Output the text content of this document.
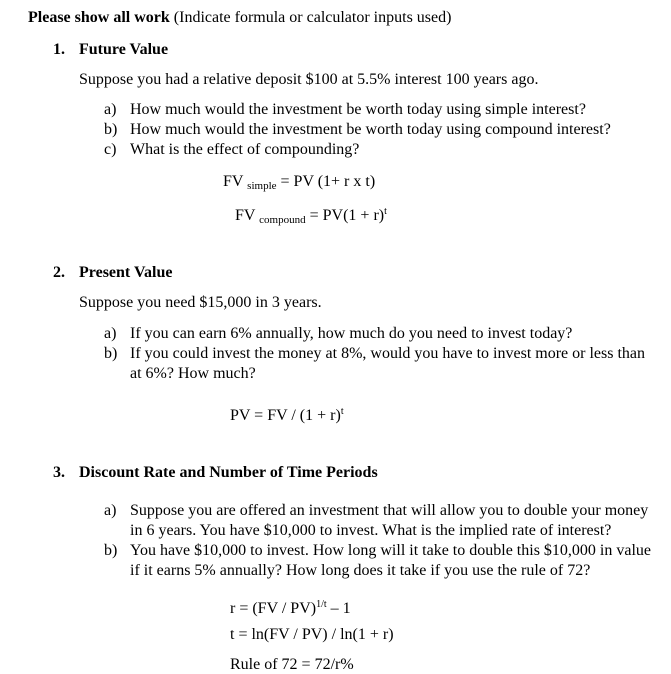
Please show all work (Indicate formula or calculator inputs used)
1. Future Value
Suppose you had a relative deposit $100 at 5.5% interest 100 years ago.
a) How much would the investment be worth today using simple interest?
b) How much would the investment be worth today using compound interest?
c) What is the effect of compounding?
FV $_{simple}$ = PV (1+ r x t)
FV $_{compound} = PV(1 + r)^t$
2. Present Value
Suppose you need $15,000 in 3 years.
a) If you can earn 6% annually, how much do you need to invest today?
b) If you could invest the money at 8%, would you have to invest more or less than
at 6%? How much?
PV = FV / $(1 + r)^t$
3. Discount Rate and Number of Time Periods
a) Suppose you are offered an investment that will allow you to double your money
in 6 years. You have $10,000 to invest. What is the implied rate of interest?
b) You have $10,000 to invest. How long will it take to double this $10,000 in value
if it earns 5% annually? How long does it take if you use the rule of 72?
r = (FV / PV)$^{1/t}$ – 1
t = ln(FV / PV) / ln(1 + r)
Rule of 72 = 72/r%
